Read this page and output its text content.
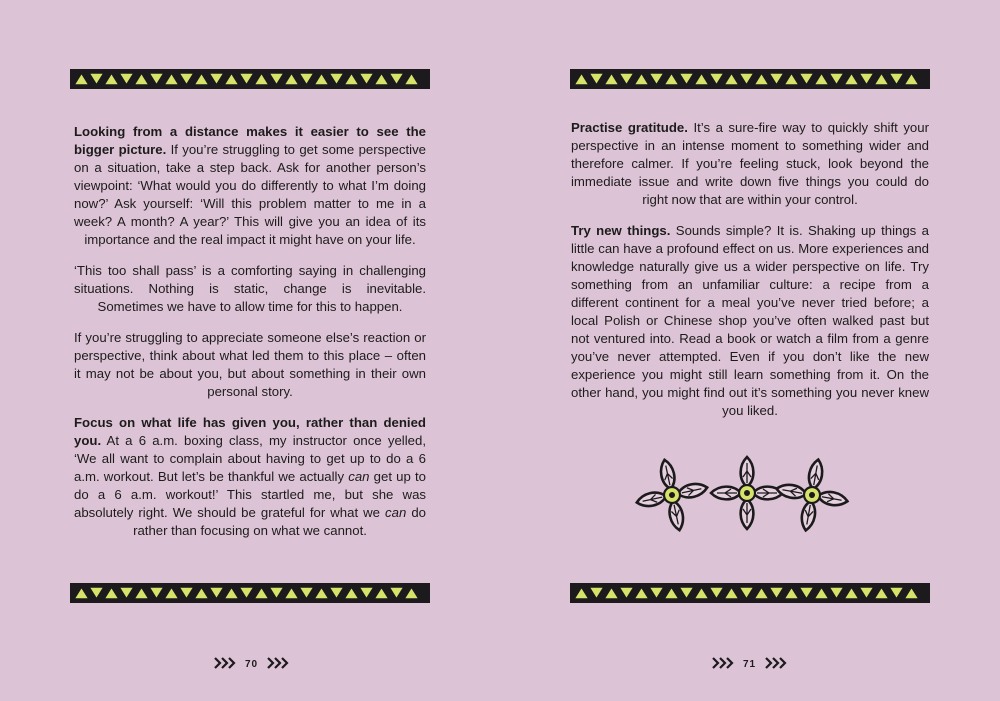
Looking from a distance makes it easier to see the bigger picture. If you’re struggling to get some perspective on a situation, take a step back. Ask for another person’s viewpoint: ‘What would you do differently to what I’m doing now?’ Ask yourself: ‘Will this problem matter to me in a week? A month? A year?’ This will give you an idea of its importance and the real impact it might have on your life.

‘This too shall pass’ is a comforting saying in challenging situations. Nothing is static, change is inevitable. Sometimes we have to allow time for this to happen.

If you’re struggling to appreciate someone else’s reaction or perspective, think about what led them to this place – often it may not be about you, but about something in their own personal story.

Focus on what life has given you, rather than denied you. At a 6 a.m. boxing class, my instructor once yelled, ‘We all want to complain about having to get up to do a 6 a.m. workout. But let’s be thankful we actually can get up to do a 6 a.m. workout!’ This startled me, but she was absolutely right. We should be grateful for what we can do rather than focusing on what we cannot.

70

Practise gratitude. It’s a sure-fire way to quickly shift your perspective in an intense moment to something wider and therefore calmer. If you’re feeling stuck, look beyond the immediate issue and write down five things you could do right now that are within your control.

Try new things. Sounds simple? It is. Shaking up things a little can have a profound effect on us. More experiences and knowledge naturally give us a wider perspective on life. Try something from an unfamiliar culture: a recipe from a different continent for a meal you’ve never tried before; a local Polish or Chinese shop you’ve often walked past but not ventured into. Read a book or watch a film from a genre you’ve never attempted. Even if you don’t like the new experience you might still learn something from it. On the other hand, you might find out it’s something you never knew you liked.

71
